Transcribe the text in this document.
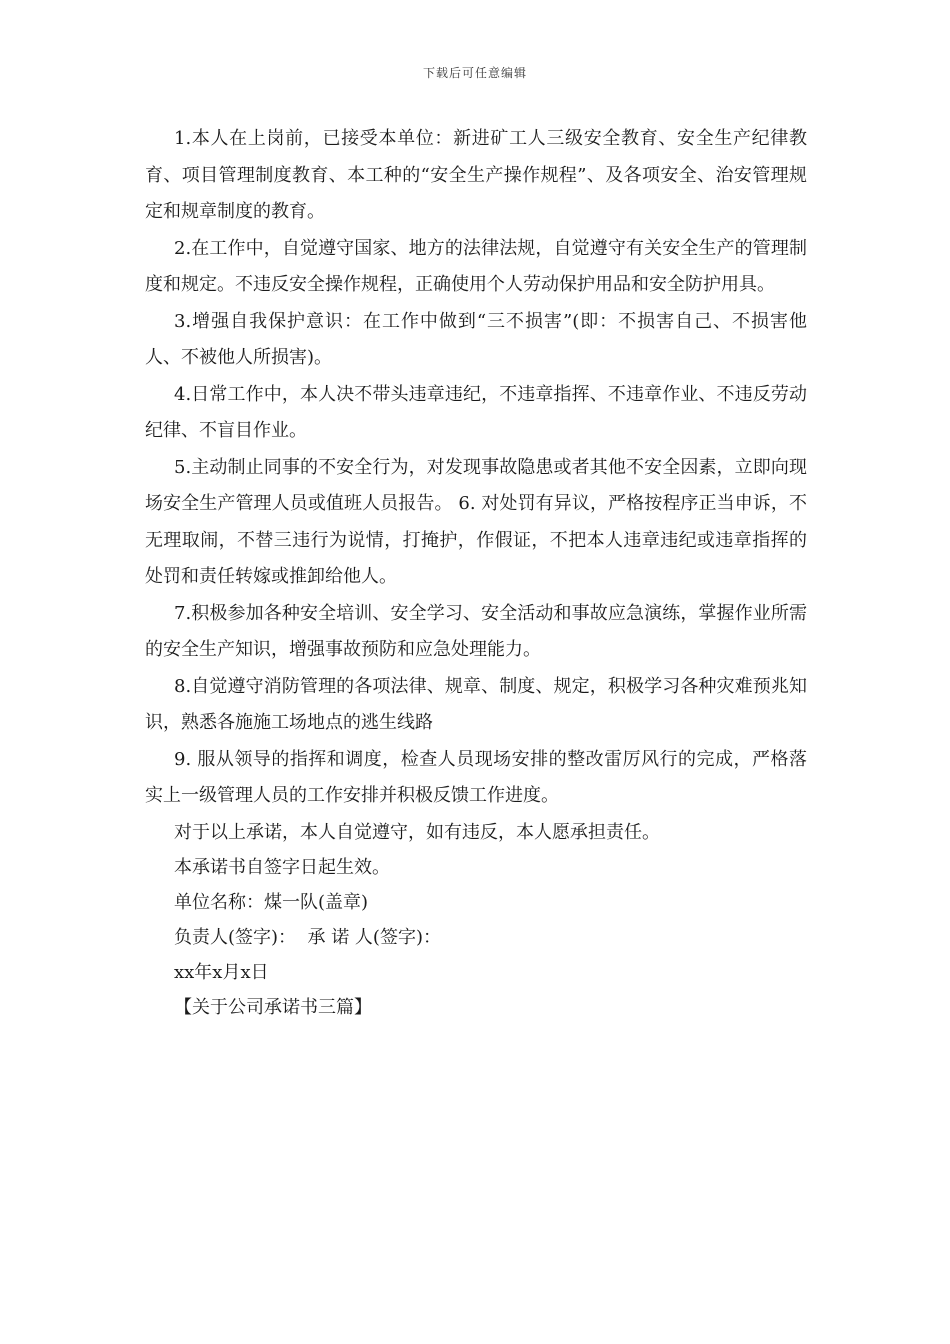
下载后可任意编辑

1.本人在上岗前，已接受本单位：新进矿工人三级安全教育、安全生产纪律教育、项目管理制度教育、本工种的“安全生产操作规程”、及各项安全、治安管理规定和规章制度的教育。

2.在工作中，自觉遵守国家、地方的法律法规，自觉遵守有关安全生产的管理制度和规定。不违反安全操作规程，正确使用个人劳动保护用品和安全防护用具。

3.增强自我保护意识：在工作中做到“三不损害”(即：不损害自己、不损害他人、不被他人所损害)。

4.日常工作中，本人决不带头违章违纪，不违章指挥、不违章作业、不违反劳动纪律、不盲目作业。

5.主动制止同事的不安全行为，对发现事故隐患或者其他不安全因素，立即向现场安全生产管理人员或值班人员报告。 6. 对处罚有异议，严格按程序正当申诉，不无理取闹，不替三违行为说情，打掩护，作假证，不把本人违章违纪或违章指挥的处罚和责任转嫁或推卸给他人。

7.积极参加各种安全培训、安全学习、安全活动和事故应急演练，掌握作业所需的安全生产知识，增强事故预防和应急处理能力。

8.自觉遵守消防管理的各项法律、规章、制度、规定，积极学习各种灾难预兆知识，熟悉各施施工场地点的逃生线路

9. 服从领导的指挥和调度，检查人员现场安排的整改雷厉风行的完成，严格落实上一级管理人员的工作安排并积极反馈工作进度。

对于以上承诺，本人自觉遵守，如有违反，本人愿承担责任。

本承诺书自签字日起生效。

单位名称：煤一队(盖章)

负责人(签字)：  承 诺 人(签字)：

xx年x月x日

【关于公司承诺书三篇】
